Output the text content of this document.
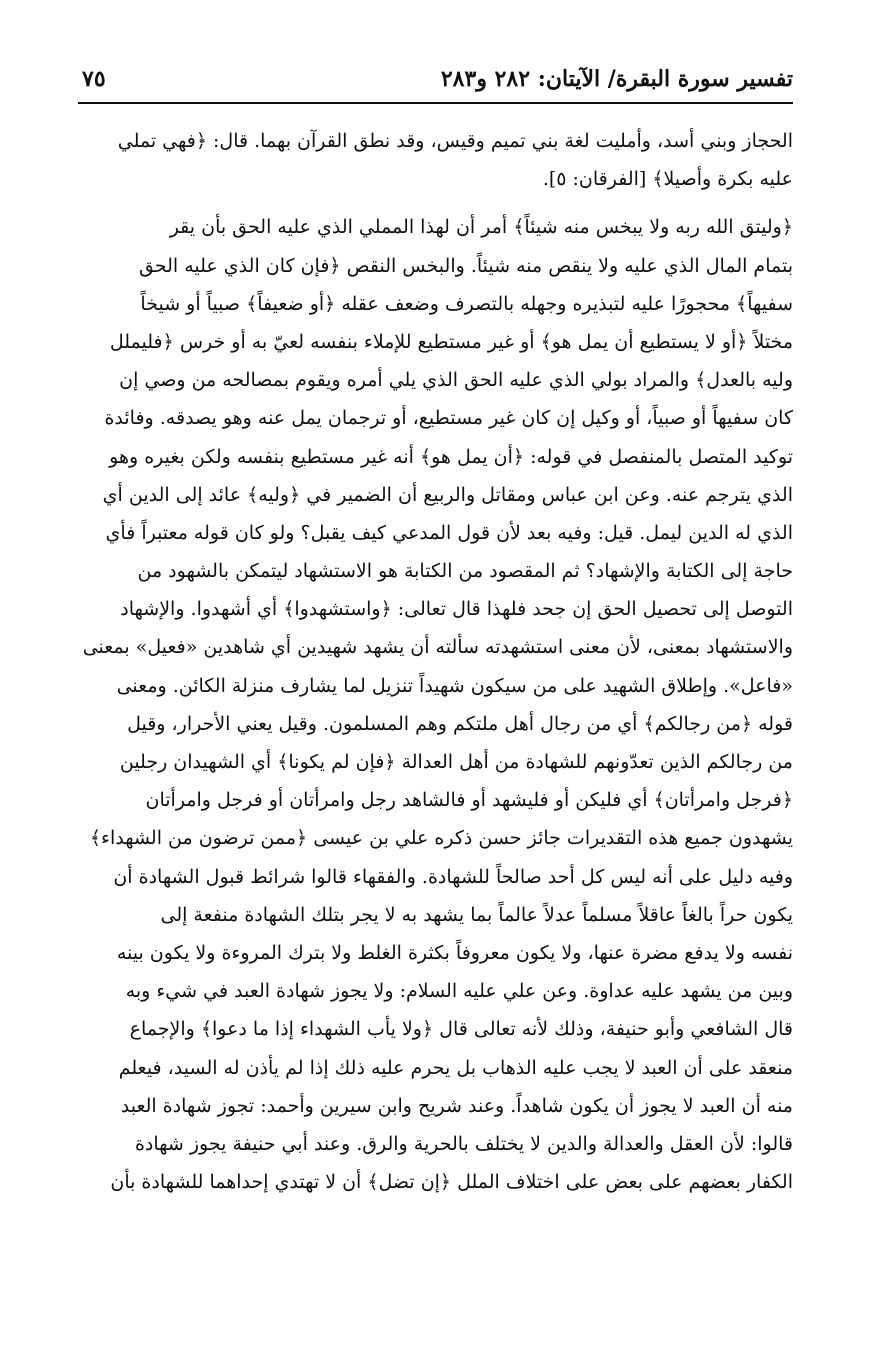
تفسير سورة البقرة/ الآيتان: ٢٨٢ و٢٨٣
٧٥
الحجاز وبني أسد، وأمليت لغة بني تميم وقيس، وقد نطق القرآن بهما. قال: ﴿فهي تملي
عليه بكرة وأصيلا﴾ [الفرقان: ٥].
﴿وليتق الله ربه ولا يبخس منه شيئاً﴾ أمر أن لهذا المملي الذي عليه الحق بأن يقر
بتمام المال الذي عليه ولا ينقص منه شيئاً. والبخس النقص ﴿فإن كان الذي عليه الحق
سفيهاً﴾ محجورًا عليه لتبذيره وجهله بالتصرف وضعف عقله ﴿أو ضعيفاً﴾ صبياً أو شيخاً
مختلاً ﴿أو لا يستطيع أن يمل هو﴾ أو غير مستطيع للإملاء بنفسه لعيّ به أو خرس ﴿فليملل
وليه بالعدل﴾ والمراد بولي الذي عليه الحق الذي يلي أمره ويقوم بمصالحه من وصي إن
كان سفيهاً أو صبياً، أو وكيل إن كان غير مستطيع، أو ترجمان يمل عنه وهو يصدقه. وفائدة
توكيد المتصل بالمنفصل في قوله: ﴿أن يمل هو﴾ أنه غير مستطيع بنفسه ولكن بغيره وهو
الذي يترجم عنه. وعن ابن عباس ومقاتل والربيع أن الضمير في ﴿وليه﴾ عائد إلى الدين أي
الذي له الدين ليمل. قيل: وفيه بعد لأن قول المدعي كيف يقبل؟ ولو كان قوله معتبراً فأي
حاجة إلى الكتابة والإشهاد؟ ثم المقصود من الكتابة هو الاستشهاد ليتمكن بالشهود من
التوصل إلى تحصيل الحق إن جحد فلهذا قال تعالى: ﴿واستشهدوا﴾ أي أشهدوا. والإشهاد
والاستشهاد بمعنى، لأن معنى استشهدته سألته أن يشهد شهيدين أي شاهدين «فعيل» بمعنى
«فاعل». وإطلاق الشهيد على من سيكون شهيداً تنزيل لما يشارف منزلة الكائن. ومعنى
قوله ﴿من رجالكم﴾ أي من رجال أهل ملتكم وهم المسلمون. وقيل يعني الأحرار، وقيل
من رجالكم الذين تعدّونهم للشهادة من أهل العدالة ﴿فإن لم يكونا﴾ أي الشهيدان رجلين
﴿فرجل وامرأتان﴾ أي فليكن أو فليشهد أو فالشاهد رجل وامرأتان أو فرجل وامرأتان
يشهدون جميع هذه التقديرات جائز حسن ذكره علي بن عيسى ﴿ممن ترضون من الشهداء﴾
وفيه دليل على أنه ليس كل أحد صالحاً للشهادة. والفقهاء قالوا شرائط قبول الشهادة أن
يكون حراً بالغاً عاقلاً مسلماً عدلاً عالماً بما يشهد به لا يجر بتلك الشهادة منفعة إلى
نفسه ولا يدفع مضرة عنها، ولا يكون معروفاً بكثرة الغلط ولا بترك المروءة ولا يكون بينه
وبين من يشهد عليه عداوة. وعن علي عليه السلام: ولا يجوز شهادة العبد في شيء وبه
قال الشافعي وأبو حنيفة، وذلك لأنه تعالى قال ﴿ولا يأب الشهداء إذا ما دعوا﴾ والإجماع
منعقد على أن العبد لا يجب عليه الذهاب بل يحرم عليه ذلك إذا لم يأذن له السيد، فيعلم
منه أن العبد لا يجوز أن يكون شاهداً. وعند شريح وابن سيرين وأحمد: تجوز شهادة العبد
قالوا: لأن العقل والعدالة والدين لا يختلف بالحرية والرق. وعند أبي حنيفة يجوز شهادة
الكفار بعضهم على بعض على اختلاف الملل ﴿إن تضل﴾ أن لا تهتدي إحداهما للشهادة بأن
